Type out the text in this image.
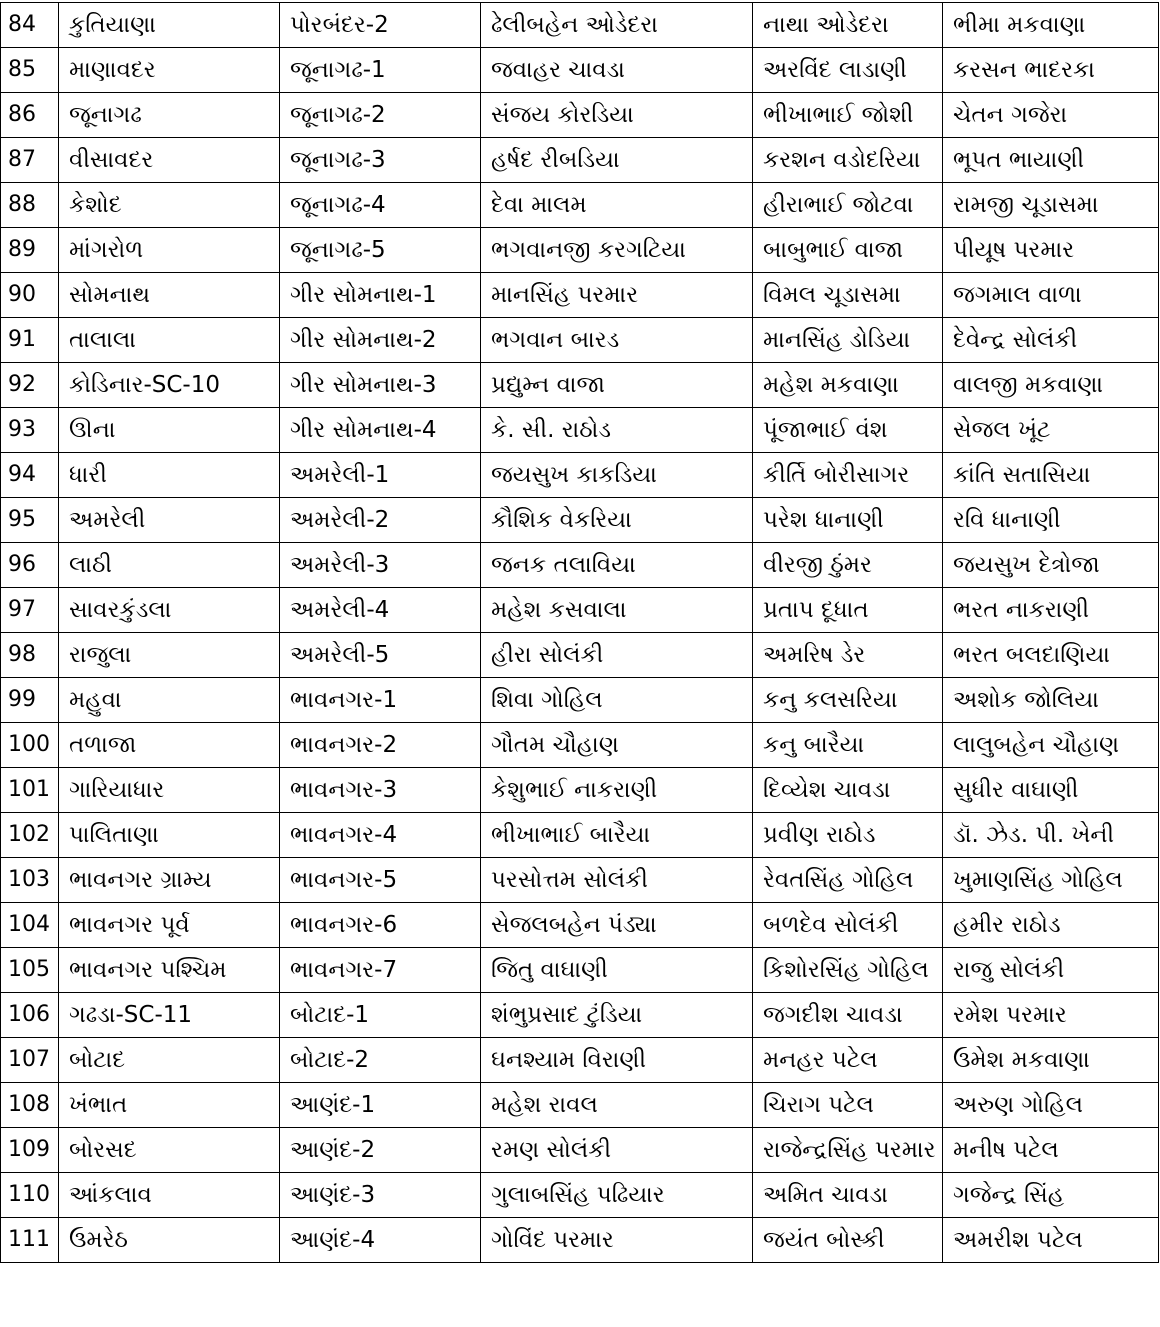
84	કુતિયાણા	પોરબંદર-2	ઢેલીબહેન ઓડેદરા	નાથા ઓડેદરા	ભીમા મકવાણા
85	માણાવદર	જૂનાગઢ-1	જવાહર ચાવડા	અરવિંદ લાડાણી	કરસન ભાદરકા
86	જૂનાગઢ	જૂનાગઢ-2	સંજય કોરડિયા	ભીખાભાઈ જોશી	ચેતન ગજેરા
87	વીસાવદર	જૂનાગઢ-3	હર્ષદ રીબડિયા	કરશન વડોદરિયા	ભૂપત ભાયાણી
88	કેશોદ	જૂનાગઢ-4	દેવા માલમ	હીરાભાઈ જોટવા	રામજી ચૂડાસમા
89	માંગરોળ	જૂનાગઢ-5	ભગવાનજી કરગટિયા	બાબુભાઈ વાજા	પીયૂષ પરમાર
90	સોમનાથ	ગીર સોમનાથ-1	માનસિંહ પરમાર	વિમલ ચૂડાસમા	જગમાલ વાળા
91	તાલાલા	ગીર સોમનાથ-2	ભગવાન બારડ	માનસિંહ ડોડિયા	દેવેન્દ્ર સોલંકી
92	કોડિનાર-SC-10	ગીર સોમનાથ-3	પ્રદ્યુમ્ન વાજા	મહેશ મકવાણા	વાલજી મકવાણા
93	ઊના	ગીર સોમનાથ-4	કે. સી. રાઠોડ	પૂંજાભાઈ વંશ	સેજલ ખૂંટ
94	ધારી	અમરેલી-1	જયસુખ કાકડિયા	કીર્તિ બોરીસાગર	કાંતિ સતાસિયા
95	અમરેલી	અમરેલી-2	કૌશિક વેકરિયા	પરેશ ધાનાણી	રવિ ધાનાણી
96	લાઠી	અમરેલી-3	જનક તલાવિયા	વીરજી ઠુંમર	જયસુખ દેત્રોજા
97	સાવરકુંડલા	અમરેલી-4	મહેશ કસવાલા	પ્રતાપ દૂધાત	ભરત નાકરાણી
98	રાજુલા	અમરેલી-5	હીરા સોલંકી	અમરિષ ડેર	ભરત બલદાણિયા
99	મહુવા	ભાવનગર-1	શિવા ગોહિલ	કનુ કલસરિયા	અશોક જોલિયા
100	તળાજા	ભાવનગર-2	ગૌતમ ચૌહાણ	કનુ બારૈયા	લાલુબહેન ચૌહાણ
101	ગારિયાધાર	ભાવનગર-3	કેશુભાઈ નાકરાણી	દિવ્યેશ ચાવડા	સુધીર વાઘાણી
102	પાલિતાણા	ભાવનગર-4	ભીખાભાઈ બારૈયા	પ્રવીણ રાઠોડ	ડૉ. ઝેડ. પી. ખેની
103	ભાવનગર ગ્રામ્ય	ભાવનગર-5	પરસોત્તમ સોલંકી	રેવતસિંહ ગોહિલ	ખુમાણસિંહ ગોહિલ
104	ભાવનગર પૂર્વ	ભાવનગર-6	સેજલબહેન પંડ્યા	બળદેવ સોલંકી	હમીર રાઠોડ
105	ભાવનગર પશ્ચિમ	ભાવનગર-7	જિતુ વાઘાણી	કિશોરસિંહ ગોહિલ	રાજુ સોલંકી
106	ગઢડા-SC-11	બોટાદ-1	શંભુપ્રસાદ ટુંડિયા	જગદીશ ચાવડા	રમેશ પરમાર
107	બોટાદ	બોટાદ-2	ઘનશ્યામ વિરાણી	મનહર પટેલ	ઉમેશ મકવાણા
108	ખંભાત	આણંદ-1	મહેશ રાવલ	ચિરાગ પટેલ	અરુણ ગોહિલ
109	બોરસદ	આણંદ-2	રમણ સોલંકી	રાજેન્દ્રસિંહ પરમાર	મનીષ પટેલ
110	આંકલાવ	આણંદ-3	ગુલાબસિંહ પઢિયાર	અમિત ચાવડા	ગજેન્દ્ર સિંહ
111	ઉમરેઠ	આણંદ-4	ગોવિંદ પરમાર	જયંત બોસ્કી	અમરીશ પટેલ
